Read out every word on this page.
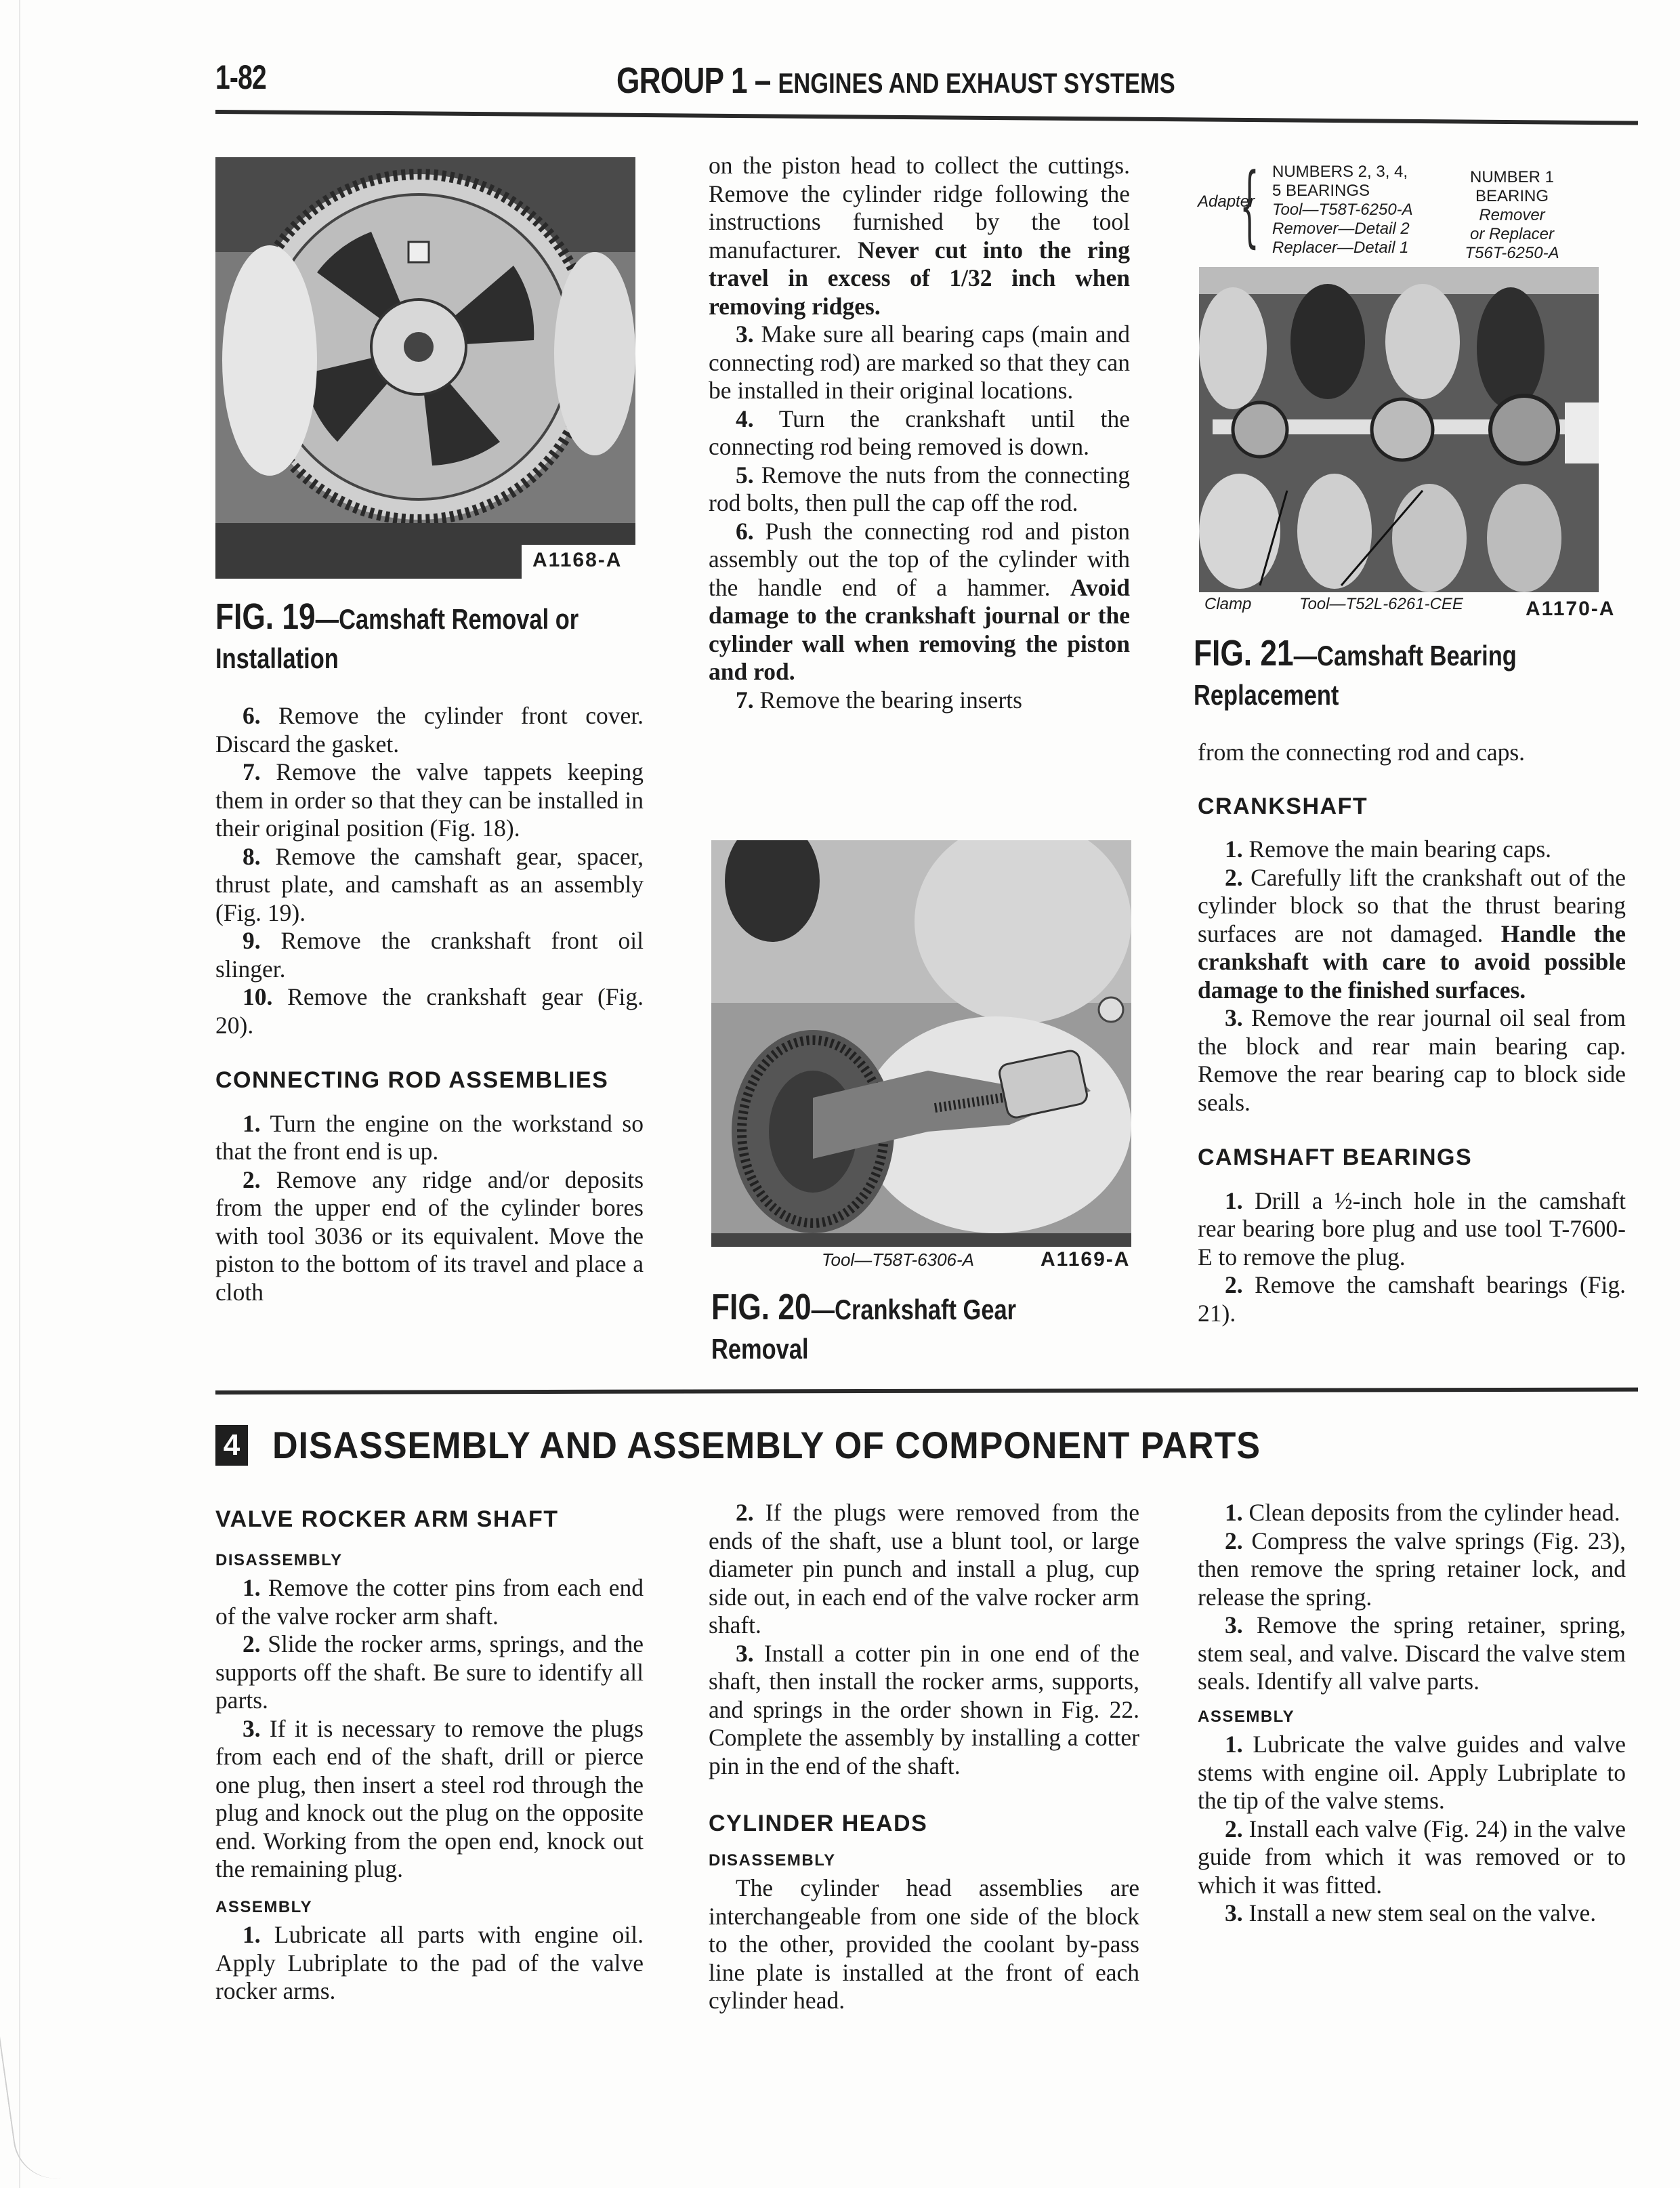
1-82	GROUP 1 – ENGINES AND EXHAUST SYSTEMS
A1168-A
FIG. 19—Camshaft Removal or
Installation

6. Remove the cylinder front cover. Discard the gasket.

7. Remove the valve tappets keeping them in order so that they can be installed in their original position (Fig. 18).

8. Remove the camshaft gear, spacer, thrust plate, and camshaft as an assembly (Fig. 19).

9. Remove the crankshaft front oil slinger.

10. Remove the crankshaft gear (Fig. 20).

CONNECTING ROD ASSEMBLIES

1. Turn the engine on the workstand so that the front end is up.

2. Remove any ridge and/or deposits from the upper end of the cylinder bores with tool 3036 or its equivalent. Move the piston to the bottom of its travel and place a cloth

on the piston head to collect the cuttings. Remove the cylinder ridge following the instructions furnished by the tool manufacturer. Never cut into the ring travel in excess of 1/32 inch when removing ridges.

3. Make sure all bearing caps (main and connecting rod) are marked so that they can be installed in their original locations.

4. Turn the crankshaft until the connecting rod being removed is down.

5. Remove the nuts from the connecting rod bolts, then pull the cap off the rod.

6. Push the connecting rod and piston assembly out the top of the cylinder with the handle end of a hammer. Avoid damage to the crankshaft journal or the cylinder wall when removing the piston and rod.

7. Remove the bearing inserts

Tool—T58T-6306-A	A1169-A
FIG. 20—Crankshaft Gear
Removal
Adapter
{ NUMBERS 2, 3, 4,
5 BEARINGS
Tool—T58T-6250-A
Remover—Detail 2
Replacer—Detail 1
NUMBER 1
BEARING
Remover
or Replacer
T56T-6250-A
Clamp	Tool—T52L-6261-CEE	A1170-A
FIG. 21—Camshaft Bearing
Replacement

from the connecting rod and caps.

CRANKSHAFT

1. Remove the main bearing caps.

2. Carefully lift the crankshaft out of the cylinder block so that the thrust bearing surfaces are not damaged. Handle the crankshaft with care to avoid possible damage to the finished surfaces.

3. Remove the rear journal oil seal from the block and rear main bearing cap. Remove the rear bearing cap to block side seals.

CAMSHAFT BEARINGS

1. Drill a ½-inch hole in the camshaft rear bearing bore plug and use tool T-7600-E to remove the plug.

2. Remove the camshaft bearings (Fig. 21).

4 DISASSEMBLY AND ASSEMBLY OF COMPONENT PARTS
VALVE ROCKER ARM SHAFT
DISASSEMBLY

1. Remove the cotter pins from each end of the valve rocker arm shaft.

2. Slide the rocker arms, springs, and the supports off the shaft. Be sure to identify all parts.

3. If it is necessary to remove the plugs from each end of the shaft, drill or pierce one plug, then insert a steel rod through the plug and knock out the plug on the opposite end. Working from the open end, knock out the remaining plug.

ASSEMBLY

1. Lubricate all parts with engine oil. Apply Lubriplate to the pad of the valve rocker arms.

2. If the plugs were removed from the ends of the shaft, use a blunt tool, or large diameter pin punch and install a plug, cup side out, in each end of the valve rocker arm shaft.

3. Install a cotter pin in one end of the shaft, then install the rocker arms, supports, and springs in the order shown in Fig. 22. Complete the assembly by installing a cotter pin in the end of the shaft.

CYLINDER HEADS
DISASSEMBLY

The cylinder head assemblies are interchangeable from one side of the block to the other, provided the coolant by-pass line plate is installed at the front of each cylinder head.

1. Clean deposits from the cylinder head.

2. Compress the valve springs (Fig. 23), then remove the spring retainer lock, and release the spring.

3. Remove the spring retainer, spring, stem seal, and valve. Discard the valve stem seals. Identify all valve parts.

ASSEMBLY

1. Lubricate the valve guides and valve stems with engine oil. Apply Lubriplate to the tip of the valve stems.

2. Install each valve (Fig. 24) in the valve guide from which it was removed or to which it was fitted.

3. Install a new stem seal on the valve.
